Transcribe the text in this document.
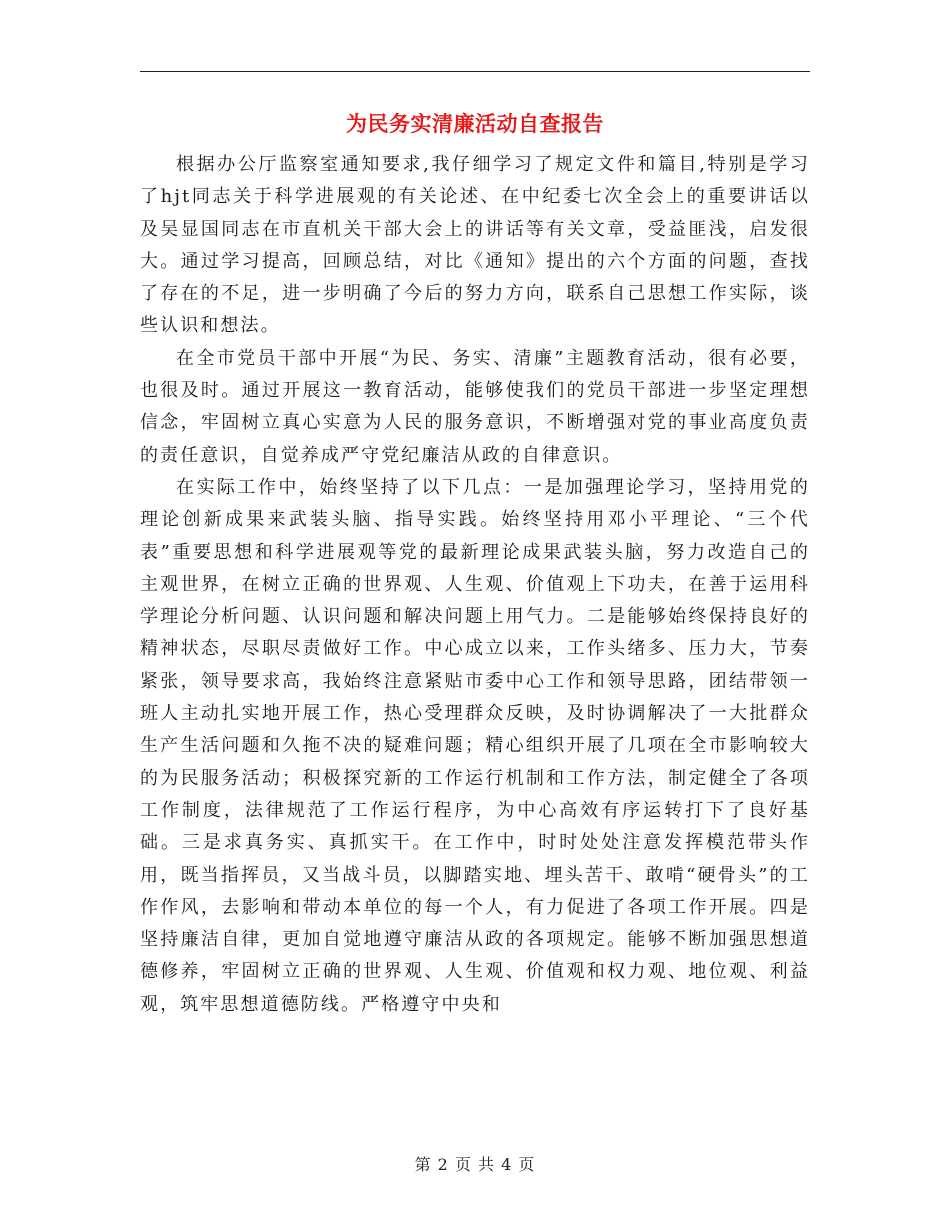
为民务实清廉活动自查报告

根据办公厅监察室通知要求,我仔细学习了规定文件和篇目,特别是学习了hjt同志关于科学进展观的有关论述、在中纪委七次全会上的重要讲话以及吴显国同志在市直机关干部大会上的讲话等有关文章，受益匪浅，启发很大。通过学习提高，回顾总结，对比《通知》提出的六个方面的问题，查找了存在的不足，进一步明确了今后的努力方向，联系自己思想工作实际，谈些认识和想法。

在全市党员干部中开展“为民、务实、清廉”主题教育活动，很有必要，也很及时。通过开展这一教育活动，能够使我们的党员干部进一步坚定理想信念，牢固树立真心实意为人民的服务意识，不断增强对党的事业高度负责的责任意识，自觉养成严守党纪廉洁从政的自律意识。

在实际工作中，始终坚持了以下几点：一是加强理论学习，坚持用党的理论创新成果来武装头脑、指导实践。始终坚持用邓小平理论、“三个代表”重要思想和科学进展观等党的最新理论成果武装头脑，努力改造自己的主观世界，在树立正确的世界观、人生观、价值观上下功夫，在善于运用科学理论分析问题、认识问题和解决问题上用气力。二是能够始终保持良好的精神状态，尽职尽责做好工作。中心成立以来，工作头绪多、压力大，节奏紧张，领导要求高，我始终注意紧贴市委中心工作和领导思路，团结带领一班人主动扎实地开展工作，热心受理群众反映，及时协调解决了一大批群众生产生活问题和久拖不决的疑难问题；精心组织开展了几项在全市影响较大的为民服务活动；积极探究新的工作运行机制和工作方法，制定健全了各项工作制度，法律规范了工作运行程序，为中心高效有序运转打下了良好基础。三是求真务实、真抓实干。在工作中，时时处处注意发挥模范带头作用，既当指挥员，又当战斗员，以脚踏实地、埋头苦干、敢啃“硬骨头”的工作作风，去影响和带动本单位的每一个人，有力促进了各项工作开展。四是坚持廉洁自律，更加自觉地遵守廉洁从政的各项规定。能够不断加强思想道德修养，牢固树立正确的世界观、人生观、价值观和权力观、地位观、利益观，筑牢思想道德防线。严格遵守中央和

第 2 页 共 4 页
